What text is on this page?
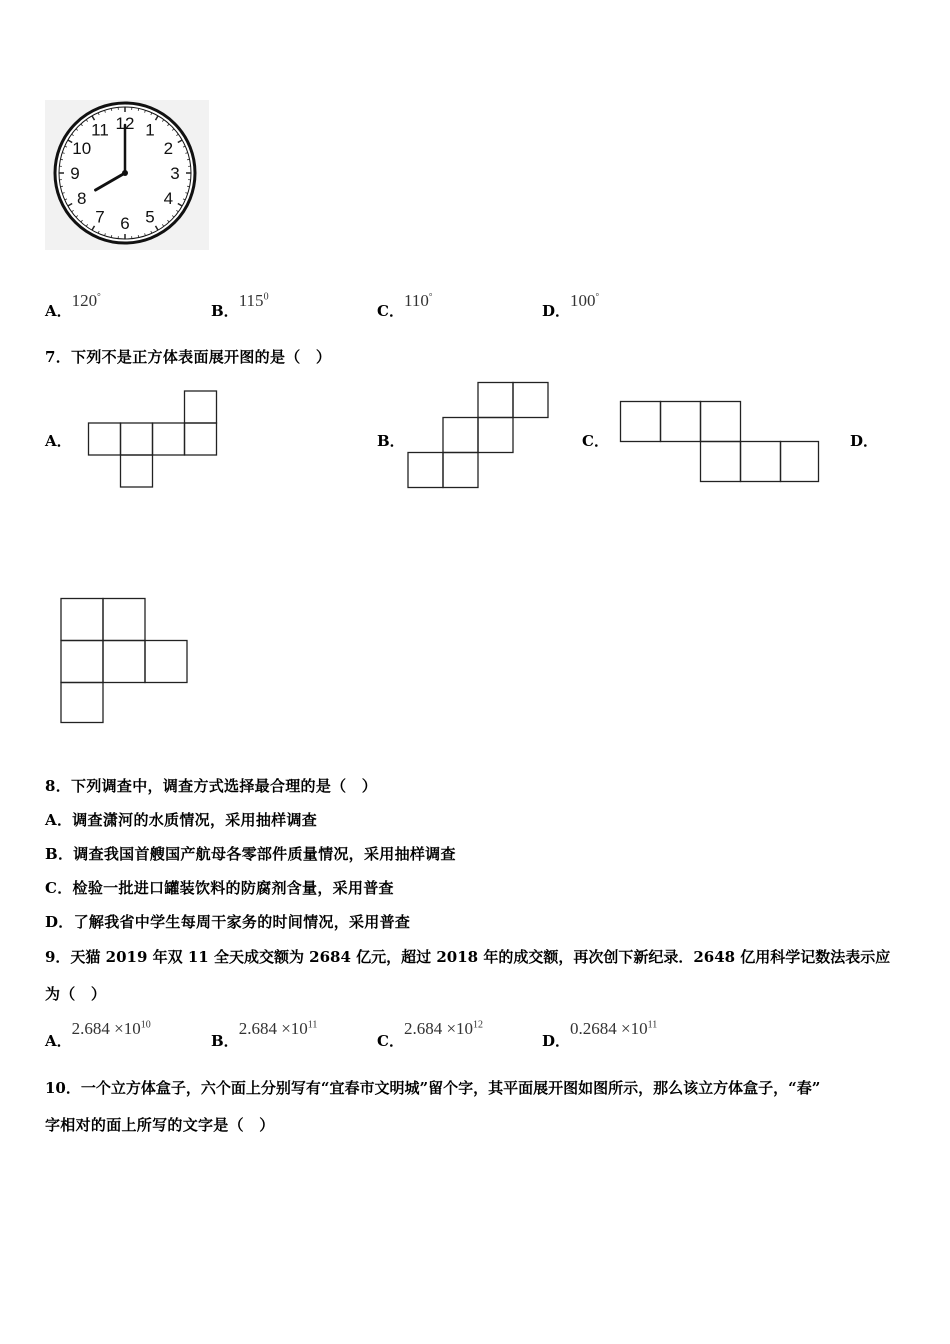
12 1
2
3
4
5
6
7
8
9
10
11
A．120°
B．$115^0$
C．110°
D．100°
7．下列不是正方体表面展开图的是（　）
A．	B．	C．	D．
8．下列调查中，调查方式选择最合理的是（　）
A．调查潇河的水质情况，采用抽样调查
B．调查我国首艘国产航母各零部件质量情况，采用抽样调查
C．检验一批进口罐装饮料的防腐剂含量，采用普查
D．了解我省中学生每周干家务的时间情况，采用普查
9．天猫 2019 年双 11 全天成交额为 2684 亿元，超过 2018 年的成交额，再次创下新纪录．2648 亿用科学记数法表示应
为（　）
A．$2.684 \times 10^{10}$
B．$2.684 \times 10^{11}$
C．$2.684 \times 10^{12}$
D．$0.2684 \times 10^{11}$
10．一个立方体盒子，六个面上分别写有“宜春市文明城”留个字，其平面展开图如图所示，那么该立方体盒子，“春”
字相对的面上所写的文字是（　）
